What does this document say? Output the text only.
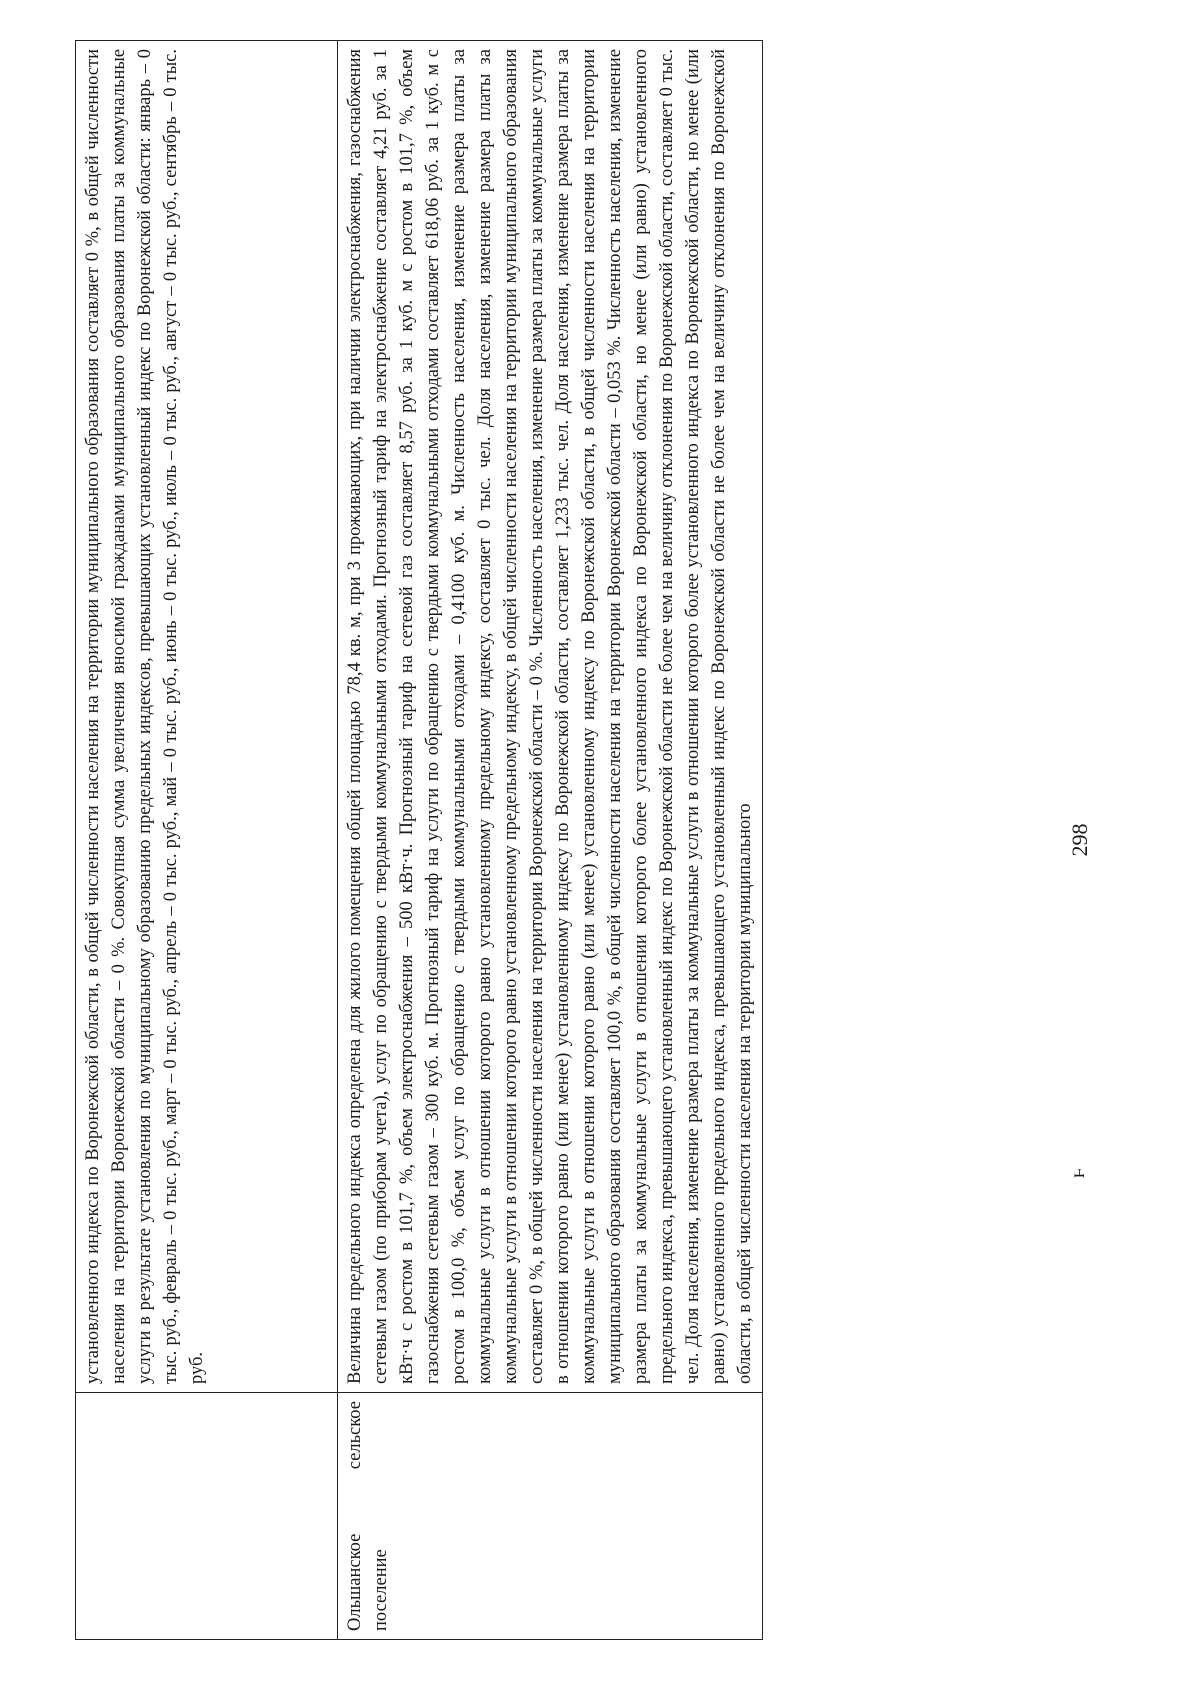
	установленного индекса по Воронежской области, в общей численности населения на территории муниципального образования составляет 0 %, в общей численности населения на территории Воронежской области – 0 %. Совокупная сумма увеличения вносимой гражданами муниципального образования платы за коммунальные услуги в результате установления по муниципальному образованию предельных индексов, превышающих установленный индекс по Воронежской области: январь – 0 тыс. руб., февраль – 0 тыс. руб., март – 0 тыс. руб., апрель – 0 тыс. руб., май – 0 тыс. руб., июнь – 0 тыс. руб., июль – 0 тыс. руб., август – 0 тыс. руб., сентябрь – 0 тыс. руб.
Ольшанское сельское поселение	Величина предельного индекса определена для жилого помещения общей площадью 78,4 кв. м, при 3 проживающих, при наличии электроснабжения, газоснабжения сетевым газом (по приборам учета), услуг по обращению с твердыми коммунальными отходами. Прогнозный тариф на электроснабжение составляет 4,21 руб. за 1 кВт·ч с ростом в 101,7 %, объем электроснабжения – 500 кВт·ч. Прогнозный тариф на сетевой газ составляет 8,57 руб. за 1 куб. м с ростом в 101,7 %, объем газоснабжения сетевым газом – 300 куб. м. Прогнозный тариф на услуги по обращению с твердыми коммунальными отходами составляет 618,06 руб. за 1 куб. м с ростом в 100,0 %, объем услуг по обращению с твердыми коммунальными отходами – 0,4100 куб. м. Численность населения, изменение размера платы за коммунальные услуги в отношении которого равно установленному предельному индексу, составляет 0 тыс. чел. Доля населения, изменение размера платы за коммунальные услуги в отношении которого равно установленному предельному индексу, в общей численности населения на территории муниципального образования составляет 0 %, в общей численности населения на территории Воронежской области – 0 %. Численность населения, изменение размера платы за коммунальные услуги в отношении которого равно (или менее) установленному индексу по Воронежской области, составляет 1,233 тыс. чел. Доля населения, изменение размера платы за коммунальные услуги в отношении которого равно (или менее) установленному индексу по Воронежской области, в общей численности населения на территории муниципального образования составляет 100,0 %, в общей численности населения на территории Воронежской области – 0,053 %. Численность населения, изменение размера платы за коммунальные услуги в отношении которого более установленного индекса по Воронежской области, но менее (или равно) установленного предельного индекса, превышающего установленный индекс по Воронежской области не более чем на величину отклонения по Воронежской области, составляет 0 тыс. чел. Доля населения, изменение размера платы за коммунальные услуги в отношении которого более установленного индекса по Воронежской области, но менее (или равно) установленного предельного индекса, превышающего установленный индекс по Воронежской области не более чем на величину отклонения по Воронежской области, в общей численности населения на территории муниципального	298
ⱶ
